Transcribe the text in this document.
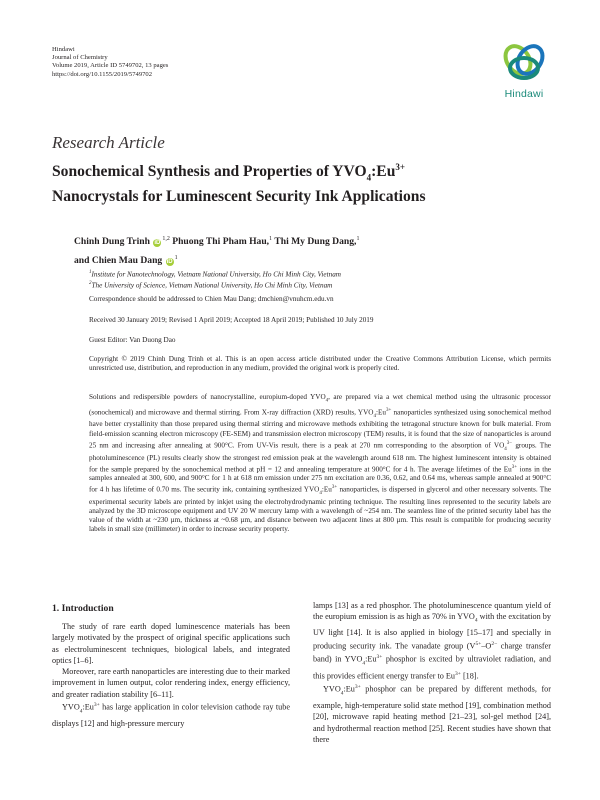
Hindawi
Journal of Chemistry
Volume 2019, Article ID 5749702, 13 pages
https://doi.org/10.1155/2019/5749702
Hindawi
Research Article
Sonochemical Synthesis and Properties of $YVO_4:Eu^{3+}$
Nanocrystals for Luminescent Security Ink Applications
Chinh Dung Trinh iD$^{1,2}$ Phuong Thi Pham Hau,$^1$ Thi My Dung Dang,$^1$
and Chien Mau Dang $iD^1$
$^1$Institute for Nanotechnology, Vietnam National University, Ho Chi Minh City, Vietnam
$^2$The University of Science, Vietnam National University, Ho Chi Minh City, Vietnam
Correspondence should be addressed to Chien Mau Dang; dmchien@vnuhcm.edu.vn
Received 30 January 2019; Revised 1 April 2019; Accepted 18 April 2019; Published 10 July 2019
Guest Editor: Van Duong Dao
Copyright © 2019 Chinh Dung Trinh et al. This is an open access article distributed under the Creative Commons Attribution License, which permits unrestricted use, distribution, and reproduction in any medium, provided the original work is properly cited.
Solutions and redispersible powders of nanocrystalline, europium-doped $YVO_4$, are prepared via a wet chemical method using the ultrasonic processor (sonochemical) and microwave and thermal stirring. From X-ray diffraction (XRD) results, $YVO_4:Eu^{3+}$ nanoparticles synthesized using sonochemical method have better crystallinity than those prepared using thermal stirring and microwave methods exhibiting the tetragonal structure known for bulk material. From field-emission scanning electron microscopy (FE-SEM) and transmission electron microscopy (TEM) results, it is found that the size of nanoparticles is around 25 nm and increasing after annealing at 900°C. From UV-Vis result, there is a peak at 270 nm corresponding to the absorption of $VO_4^{3-}$ groups. The photoluminescence (PL) results clearly show the strongest red emission peak at the wavelength around 618 nm. The highest luminescent intensity is obtained for the sample prepared by the sonochemical method at pH = 12 and annealing temperature at 900°C for 4 h. The average lifetimes of the $Eu^{3+}$ ions in the samples annealed at 300, 600, and 900°C for 1 h at 618 nm emission under 275 nm excitation are 0.36, 0.62, and 0.64 ms, whereas sample annealed at 900°C for 4 h has lifetime of 0.70 ms. The security ink, containing synthesized $YVO_4:Eu^{3+}$ nanoparticles, is dispersed in glycerol and other necessary solvents. The experimental security labels are printed by inkjet using the electrohydrodynamic printing technique. The resulting lines represented to the security labels are analyzed by the 3D microscope equipment and UV 20 W mercury lamp with a wavelength of ~254 nm. The seamless line of the printed security label has the value of the width at ~230 µm, thickness at ~0.68 µm, and distance between two adjacent lines at 800 µm. This result is compatible for producing security labels in small size (millimeter) in order to increase security property.
1. Introduction

The study of rare earth doped luminescence materials has been largely motivated by the prospect of original specific applications such as electroluminescent techniques, biological labels, and integrated optics [1–6].

Moreover, rare earth nanoparticles are interesting due to their marked improvement in lumen output, color rendering index, energy efficiency, and greater radiation stability [6–11].

$YVO_4:Eu^{3+}$ has large application in color television cathode ray tube displays [12] and high-pressure mercury

lamps [13] as a red phosphor. The photoluminescence quantum yield of the europium emission is as high as 70% in $YVO_4$ with the excitation by UV light [14]. It is also applied in biology [15–17] and specially in producing security ink. The vanadate group ($V^{5+}-O^{2-}$ charge transfer band) in $YVO_4:Eu^{3+}$ phosphor is excited by ultraviolet radiation, and this provides efficient energy transfer to $Eu^{3+}$ [18].

$YVO_4:Eu^{3+}$ phosphor can be prepared by different methods, for example, high-temperature solid state method [19], combination method [20], microwave rapid heating method [21–23], sol-gel method [24], and hydrothermal reaction method [25]. Recent studies have shown that there
